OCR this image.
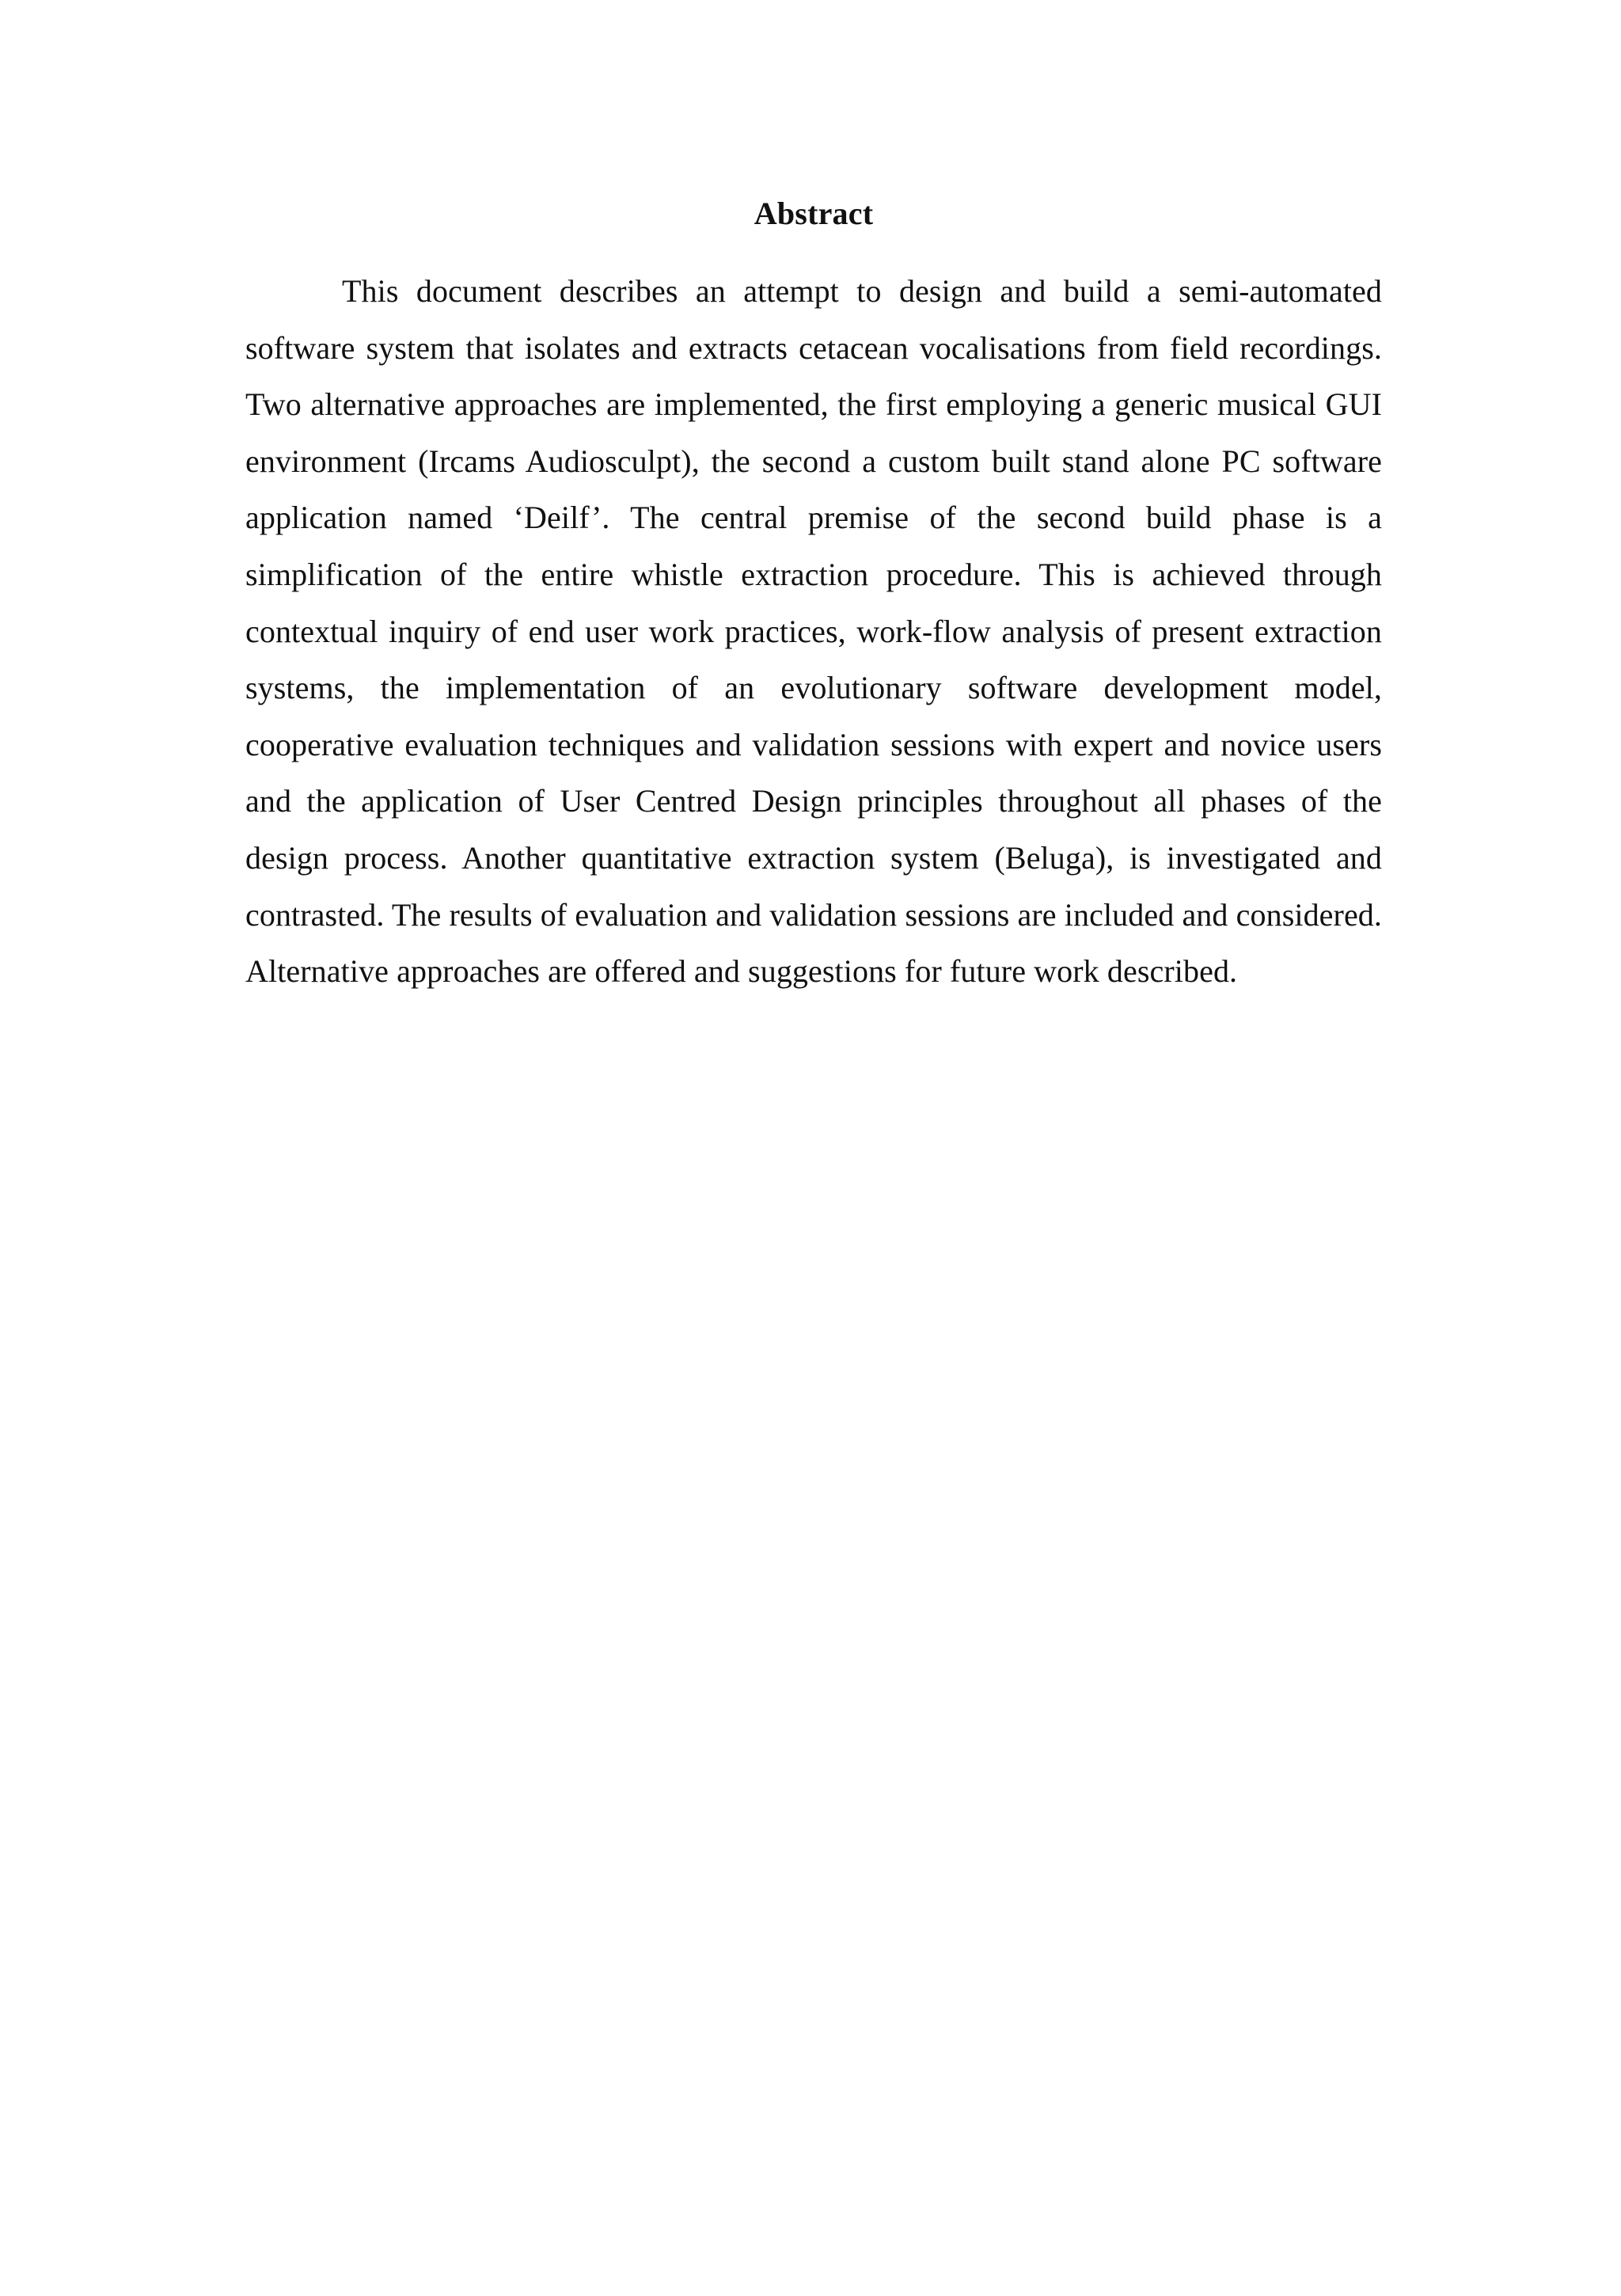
Abstract

This document describes an attempt to design and build a semi-automated software system that isolates and extracts cetacean vocalisations from field recordings. Two alternative approaches are implemented, the first employing a generic musical GUI environment (Ircams Audiosculpt), the second a custom built stand alone PC software application named ‘Deilf’. The central premise of the second build phase is a simplification of the entire whistle extraction procedure. This is achieved through contextual inquiry of end user work practices, work-flow analysis of present extraction systems, the implementation of an evolutionary software development model, cooperative evaluation techniques and validation sessions with expert and novice users and the application of User Centred Design principles throughout all phases of the design process. Another quantitative extraction system (Beluga), is investigated and contrasted. The results of evaluation and validation sessions are included and considered. Alternative approaches are offered and suggestions for future work described.
